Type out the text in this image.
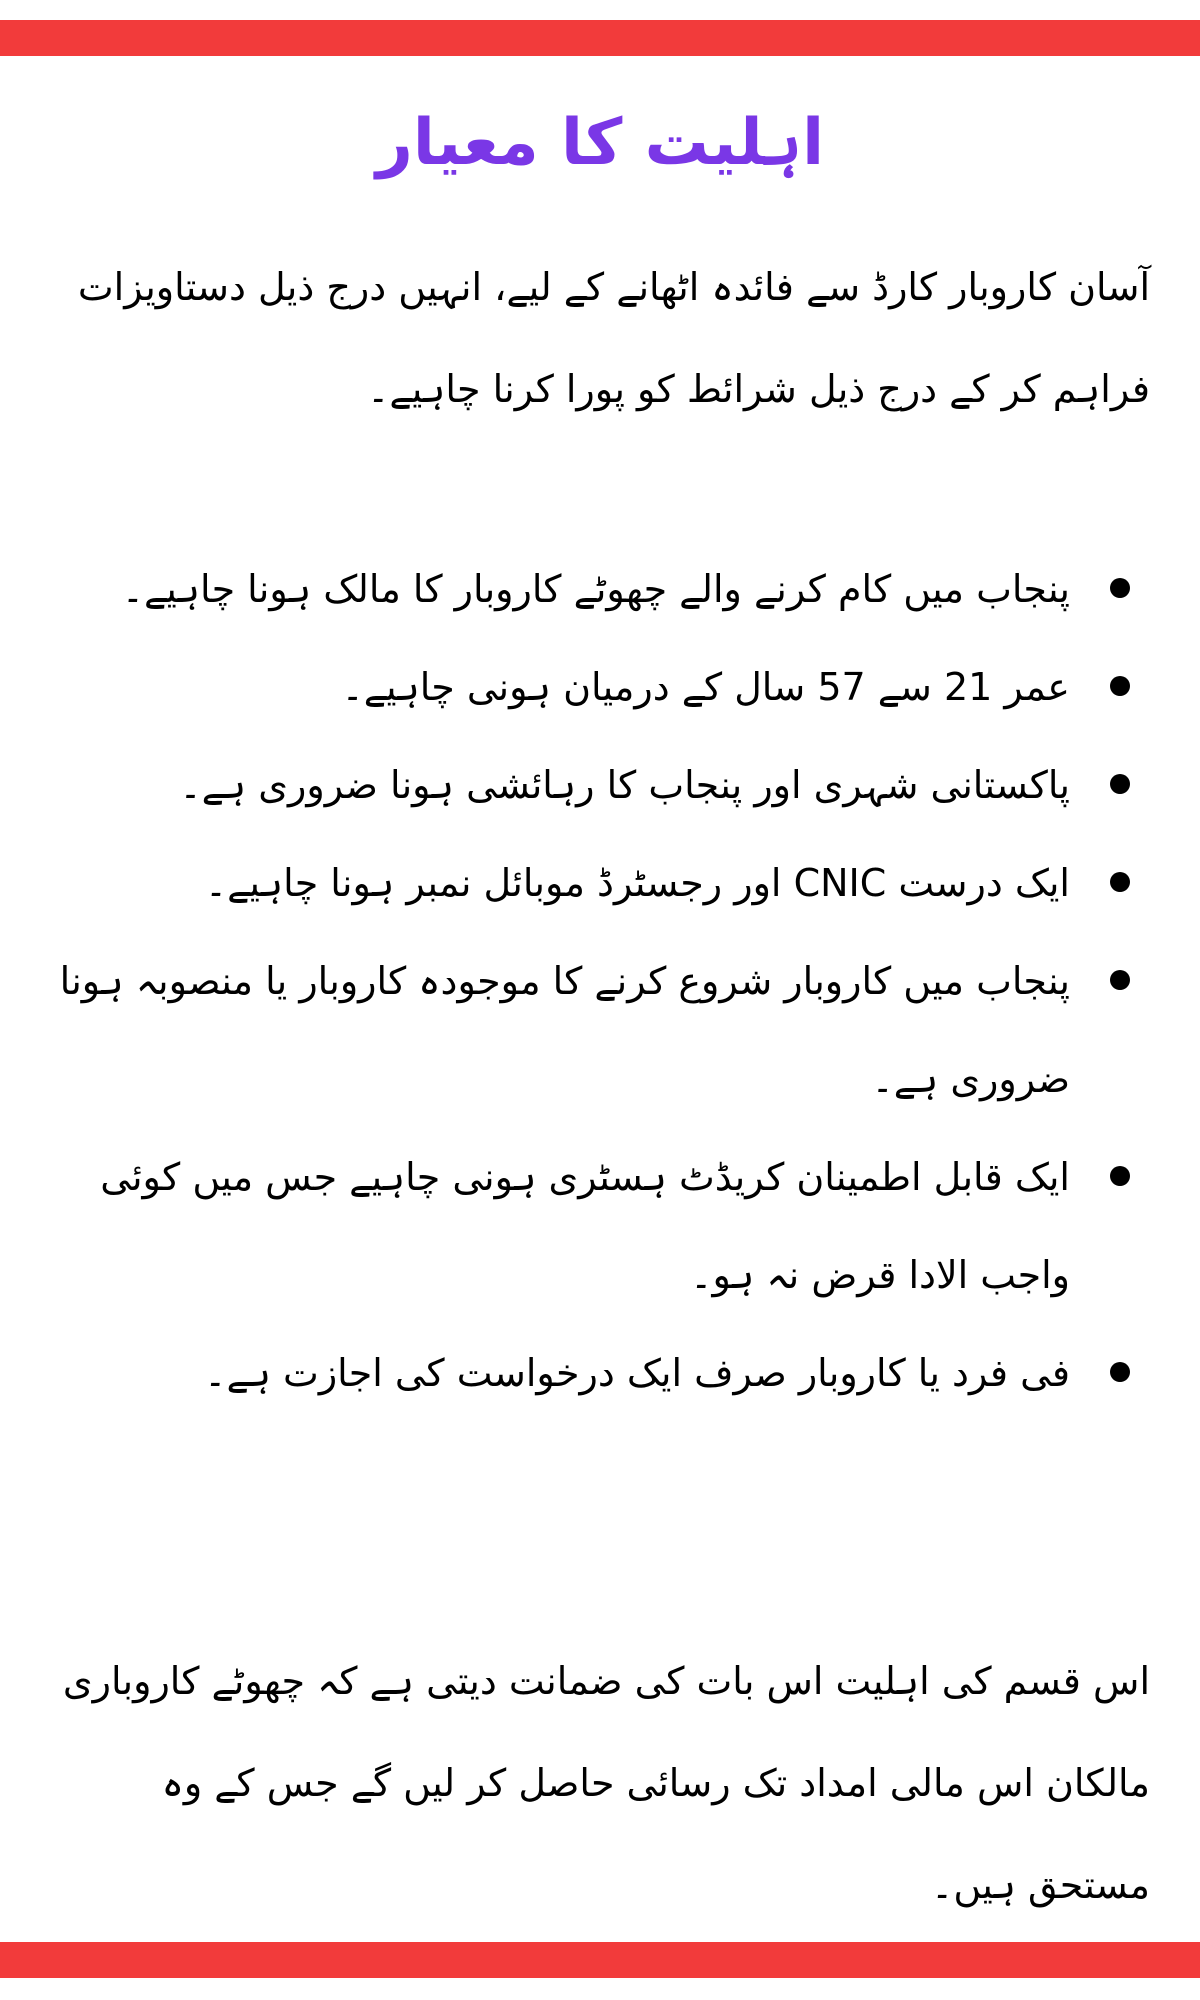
اہلیت کا معیار
آسان کاروبار کارڈ سے فائدہ اٹھانے کے لیے، انہیں درج ذیل دستاویزات فراہم کر کے درج ذیل شرائط کو پورا کرنا چاہیے۔
پنجاب میں کام کرنے والے چھوٹے کاروبار کا مالک ہونا چاہیے۔
عمر 21 سے 57 سال کے درمیان ہونی چاہیے۔
پاکستانی شہری اور پنجاب کا رہائشی ہونا ضروری ہے۔
ایک درست CNIC اور رجسٹرڈ موبائل نمبر ہونا چاہیے۔
پنجاب میں کاروبار شروع کرنے کا موجودہ کاروبار یا منصوبہ ہونا ضروری ہے۔
ایک قابل اطمینان کریڈٹ ہسٹری ہونی چاہیے جس میں کوئی واجب الادا قرض نہ ہو۔
فی فرد یا کاروبار صرف ایک درخواست کی اجازت ہے۔
اس قسم کی اہلیت اس بات کی ضمانت دیتی ہے کہ چھوٹے کاروباری مالکان اس مالی امداد تک رسائی حاصل کر لیں گے جس کے وہ مستحق ہیں۔
